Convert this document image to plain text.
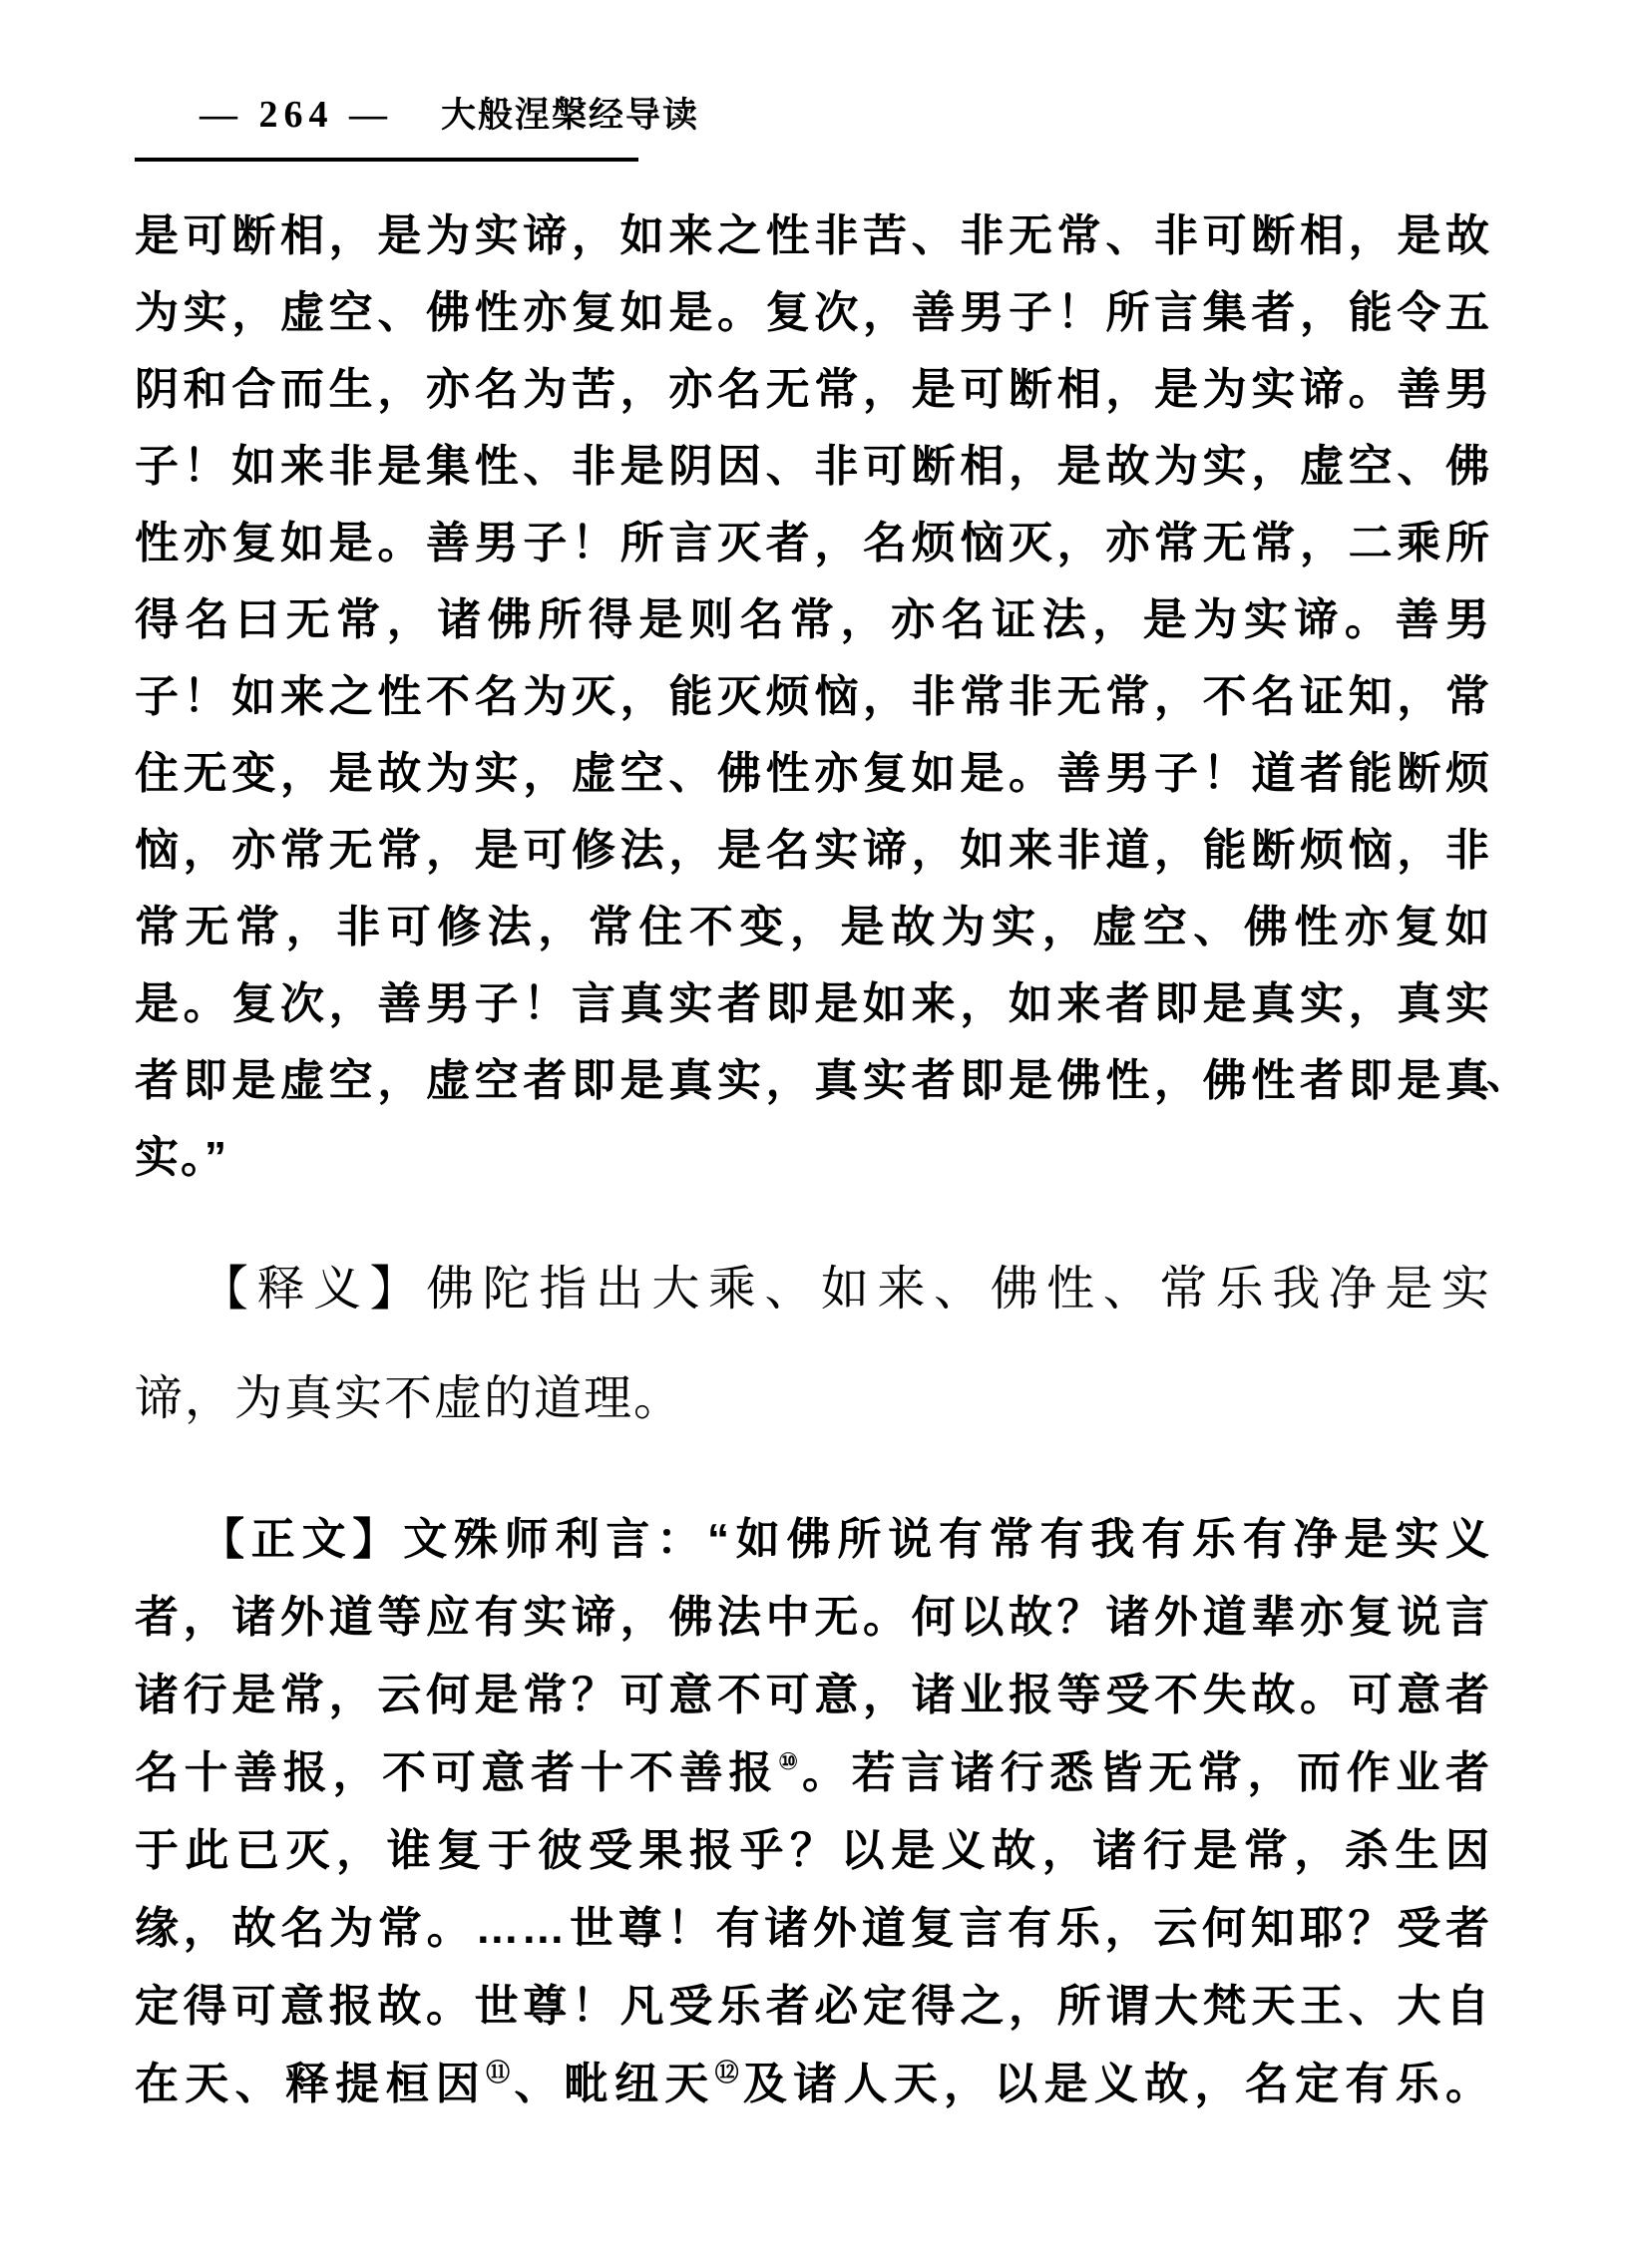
— 264 — 大般涅槃经导读
是可断相，是为实谛，如来之性非苦、非无常、非可断相，是故
为实，虚空、佛性亦复如是。复次，善男子！所言集者，能令五
阴和合而生，亦名为苦，亦名无常，是可断相，是为实谛。善男
子！如来非是集性、非是阴因、非可断相，是故为实，虚空、佛
性亦复如是。善男子！所言灭者，名烦恼灭，亦常无常，二乘所
得名曰无常，诸佛所得是则名常，亦名证法，是为实谛。善男
子！如来之性不名为灭，能灭烦恼，非常非无常，不名证知，常
住无变，是故为实，虚空、佛性亦复如是。善男子！道者能断烦
恼，亦常无常，是可修法，是名实谛，如来非道，能断烦恼，非
常无常，非可修法，常住不变，是故为实，虚空、佛性亦复如
是。复次，善男子！言真实者即是如来，如来者即是真实，真实
者即是虚空，虚空者即是真实，真实者即是佛性，佛性者即是真
实。”
、
【释义】佛陀指出大乘、如来、佛性、常乐我净是实
谛，为真实不虚的道理。
【正文】文殊师利言：“如佛所说有常有我有乐有净是实义
者，诸外道等应有实谛，佛法中无。何以故？诸外道辈亦复说言
诸行是常，云何是常？可意不可意，诸业报等受不失故。可意者
名十善报，不可意者十不善报⑩。若言诸行悉皆无常，而作业者
于此已灭，谁复于彼受果报乎？以是义故，诸行是常，杀生因
缘，故名为常。……世尊！有诸外道复言有乐，云何知耶？受者
定得可意报故。世尊！凡受乐者必定得之，所谓大梵天王、大自
在天、释提桓因⑪、毗纽天⑫及诸人天，以是义故，名定有乐。
